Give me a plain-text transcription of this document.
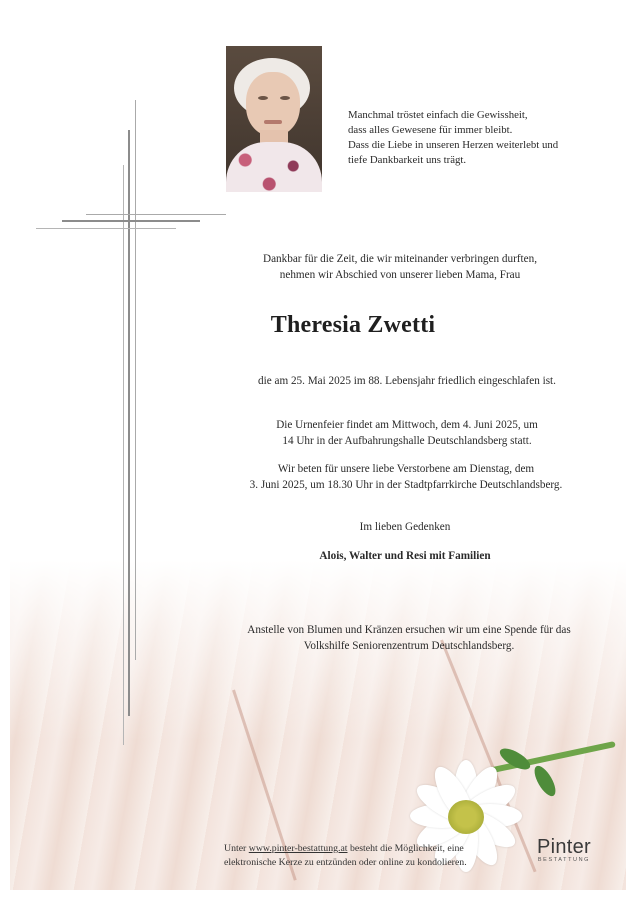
Manchmal tröstet einfach die Gewissheit,
dass alles Gewesene für immer bleibt.
Dass die Liebe in unseren Herzen weiterlebt und
tiefe Dankbarkeit uns trägt.
Dankbar für die Zeit, die wir miteinander verbringen durften,
nehmen wir Abschied von unserer lieben Mama, Frau
Theresia Zwetti
die am 25. Mai 2025 im 88. Lebensjahr friedlich eingeschlafen ist.
Die Urnenfeier findet am Mittwoch, dem 4. Juni 2025, um
14 Uhr in der Aufbahrungshalle Deutschlandsberg statt.
Wir beten für unsere liebe Verstorbene am Dienstag, dem
3. Juni 2025, um 18.30 Uhr in der Stadtpfarrkirche Deutschlandsberg.
Im lieben Gedenken
Alois, Walter und Resi mit Familien
Anstelle von Blumen und Kränzen ersuchen wir um eine Spende für das
Volkshilfe Seniorenzentrum Deutschlandsberg.
Unter www.pinter-bestattung.at besteht die Möglichkeit, eine
elektronische Kerze zu entzünden oder online zu kondolieren.
Pinter
BESTATTUNG
